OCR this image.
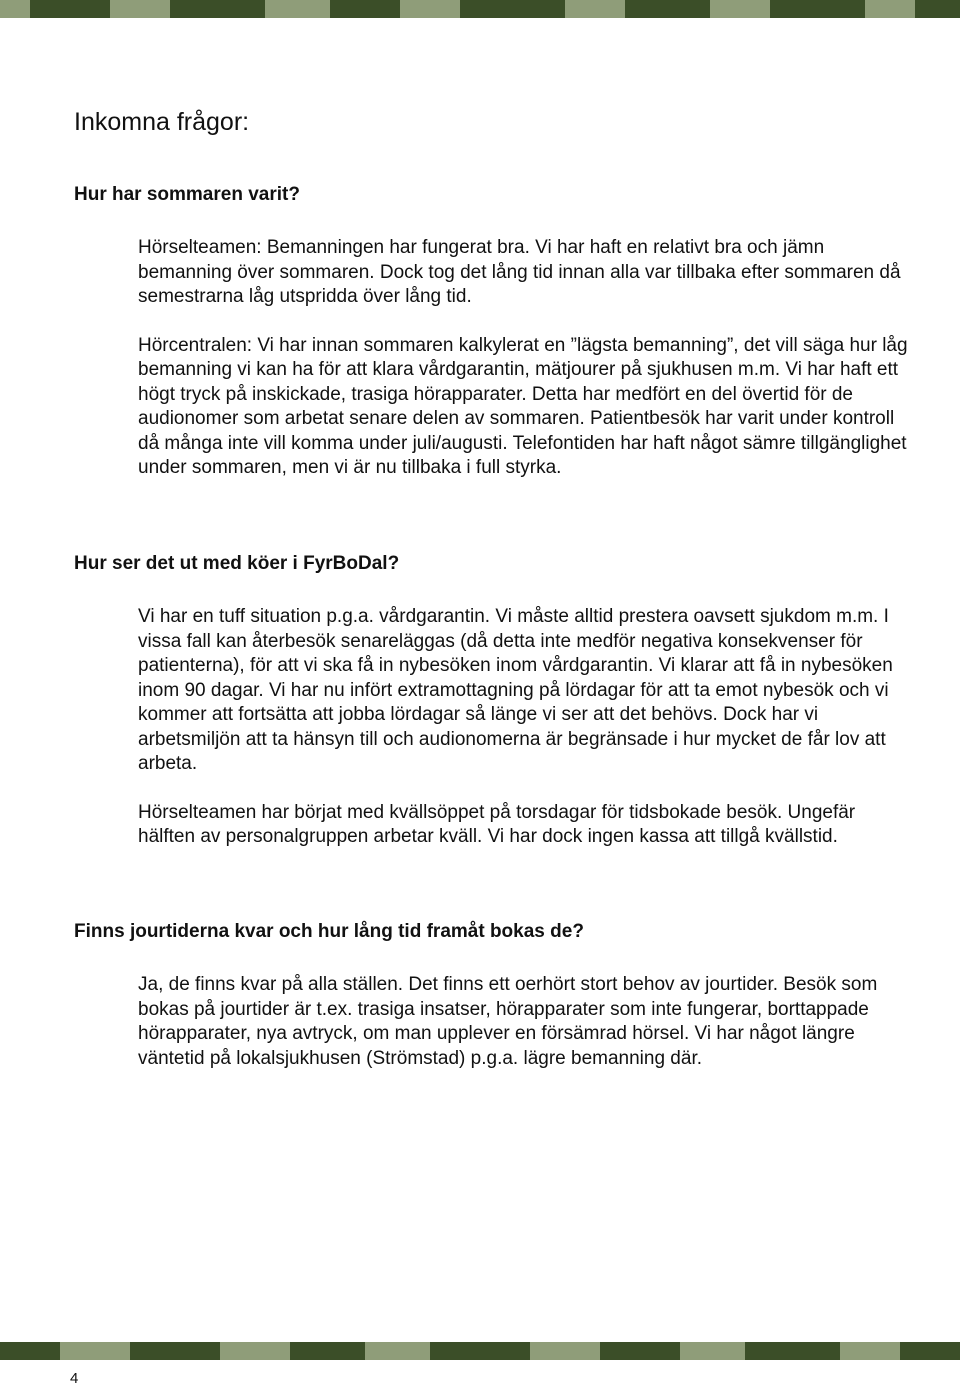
Inkomna frågor:

Hur har sommaren varit?

Hörselteamen: Bemanningen har fungerat bra. Vi har haft en relativt bra och jämn bemanning över sommaren. Dock tog det lång tid innan alla var tillbaka efter sommaren då semestrarna låg utspridda över lång tid.

Hörcentralen: Vi har innan sommaren kalkylerat en ”lägsta bemanning”, det vill säga hur låg bemanning vi kan ha för att klara vårdgarantin, mätjourer på sjukhusen m.m. Vi har haft ett högt tryck på inskickade, trasiga hörapparater. Detta har medfört en del övertid för de audionomer som arbetat senare delen av sommaren. Patientbesök har varit under kontroll då många inte vill komma under juli/augusti. Telefontiden har haft något sämre tillgänglighet under sommaren, men vi är nu tillbaka i full styrka.

Hur ser det ut med köer i FyrBoDal?

Vi har en tuff situation p.g.a. vårdgarantin. Vi måste alltid prestera oavsett sjukdom m.m. I vissa fall kan återbesök senareläggas (då detta inte medför negativa konsekvenser för patienterna), för att vi ska få in nybesöken inom vårdgarantin. Vi klarar att få in nybesöken inom 90 dagar. Vi har nu infört extramottagning på lördagar för att ta emot nybesök och vi kommer att fortsätta att jobba lördagar så länge vi ser att det behövs. Dock har vi arbetsmiljön att ta hänsyn till och audionomerna är begränsade i hur mycket de får lov att arbeta.

Hörselteamen har börjat med kvällsöppet på torsdagar för tidsbokade besök. Ungefär hälften av personalgruppen arbetar kväll. Vi har dock ingen kassa att tillgå kvällstid.

Finns jourtiderna kvar och hur lång tid framåt bokas de?

Ja, de finns kvar på alla ställen. Det finns ett oerhört stort behov av jourtider. Besök som bokas på jourtider är t.ex. trasiga insatser, hörapparater som inte fungerar, borttappade hörapparater, nya avtryck, om man upplever en försämrad hörsel. Vi har något längre väntetid på lokalsjukhusen (Strömstad) p.g.a. lägre bemanning där.

4
